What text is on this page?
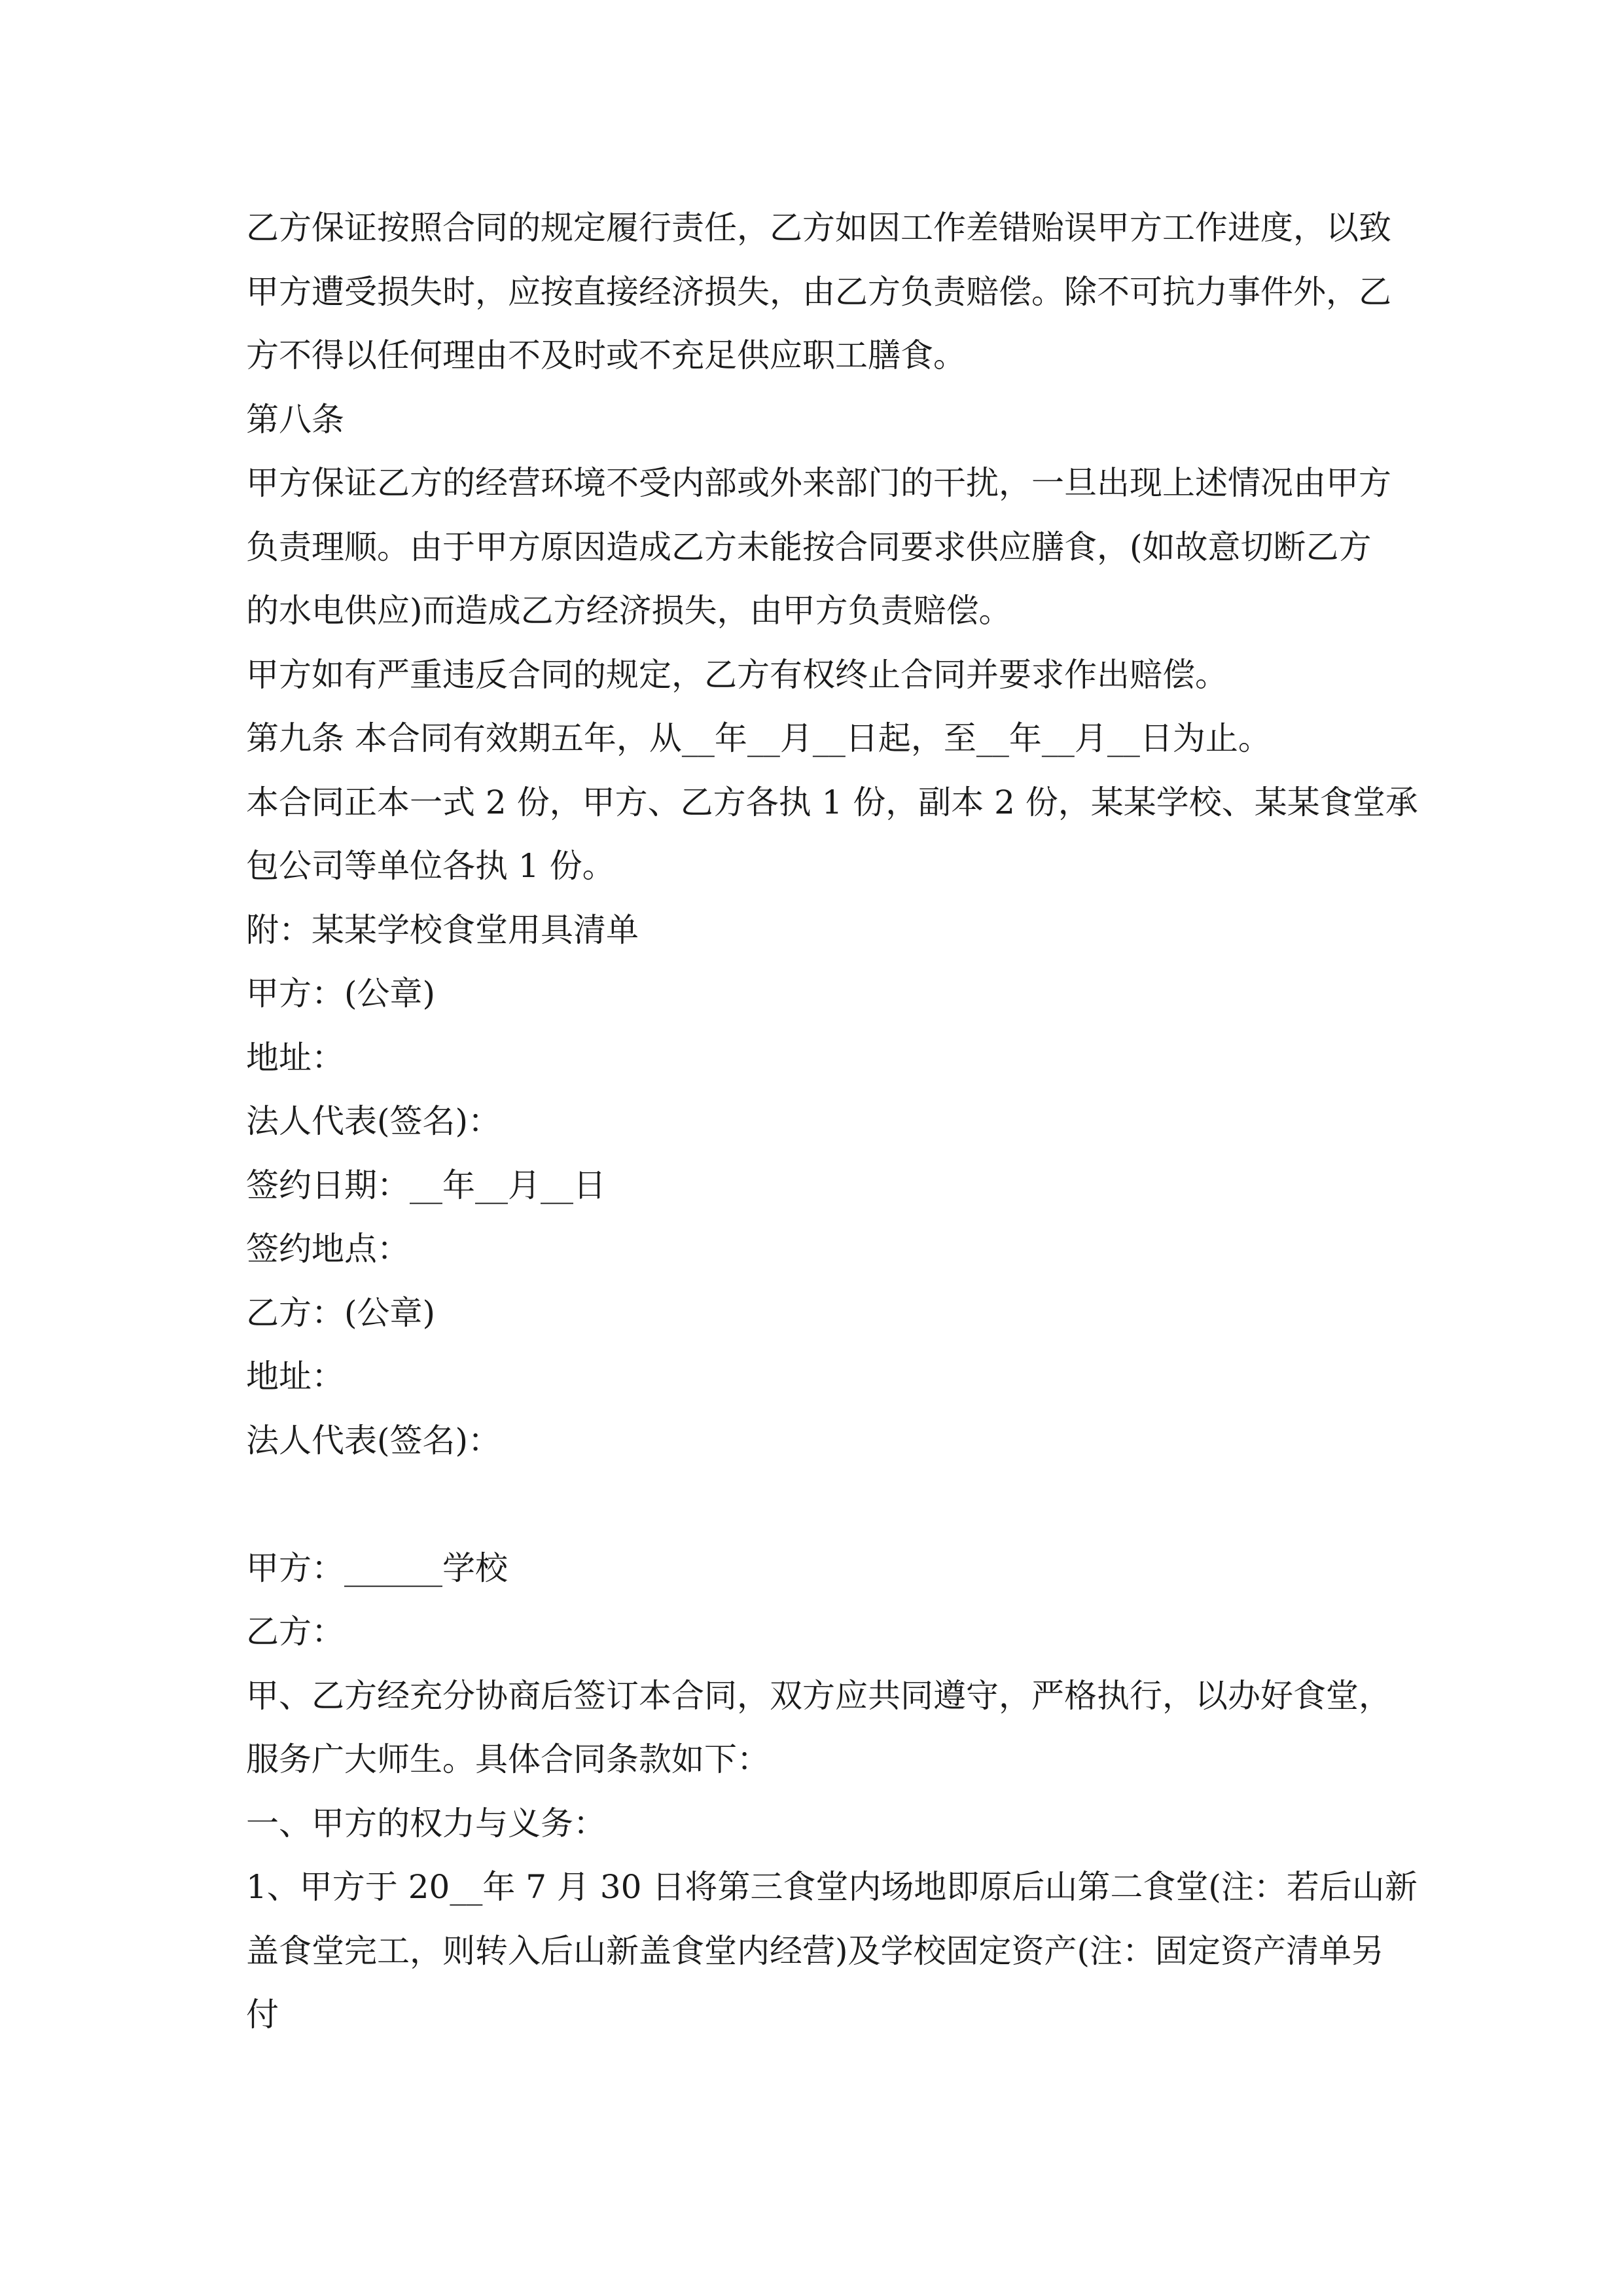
乙方保证按照合同的规定履行责任，乙方如因工作差错贻误甲方工作进度，以致

甲方遭受损失时，应按直接经济损失，由乙方负责赔偿。除不可抗力事件外，乙

方不得以任何理由不及时或不充足供应职工膳食。

第八条

甲方保证乙方的经营环境不受内部或外来部门的干扰，一旦出现上述情况由甲方

负责理顺。由于甲方原因造成乙方未能按合同要求供应膳食，(如故意切断乙方

的水电供应)而造成乙方经济损失，由甲方负责赔偿。

甲方如有严重违反合同的规定，乙方有权终止合同并要求作出赔偿。

第九条 本合同有效期五年，从__年__月__日起，至__年__月__日为止。

本合同正本一式 2 份，甲方、乙方各执 1 份，副本 2 份，某某学校、某某食堂承

包公司等单位各执 1 份。

附：某某学校食堂用具清单

甲方：(公章)

地址：

法人代表(签名)：

签约日期：__年__月__日

签约地点：

乙方：(公章)

地址：

法人代表(签名)：

甲方：______学校

乙方：

甲、乙方经充分协商后签订本合同，双方应共同遵守，严格执行，以办好食堂，

服务广大师生。具体合同条款如下：

一、甲方的权力与义务：

1、甲方于 20__年 7 月 30 日将第三食堂内场地即原后山第二食堂(注：若后山新

盖食堂完工，则转入后山新盖食堂内经营)及学校固定资产(注：固定资产清单另

付
